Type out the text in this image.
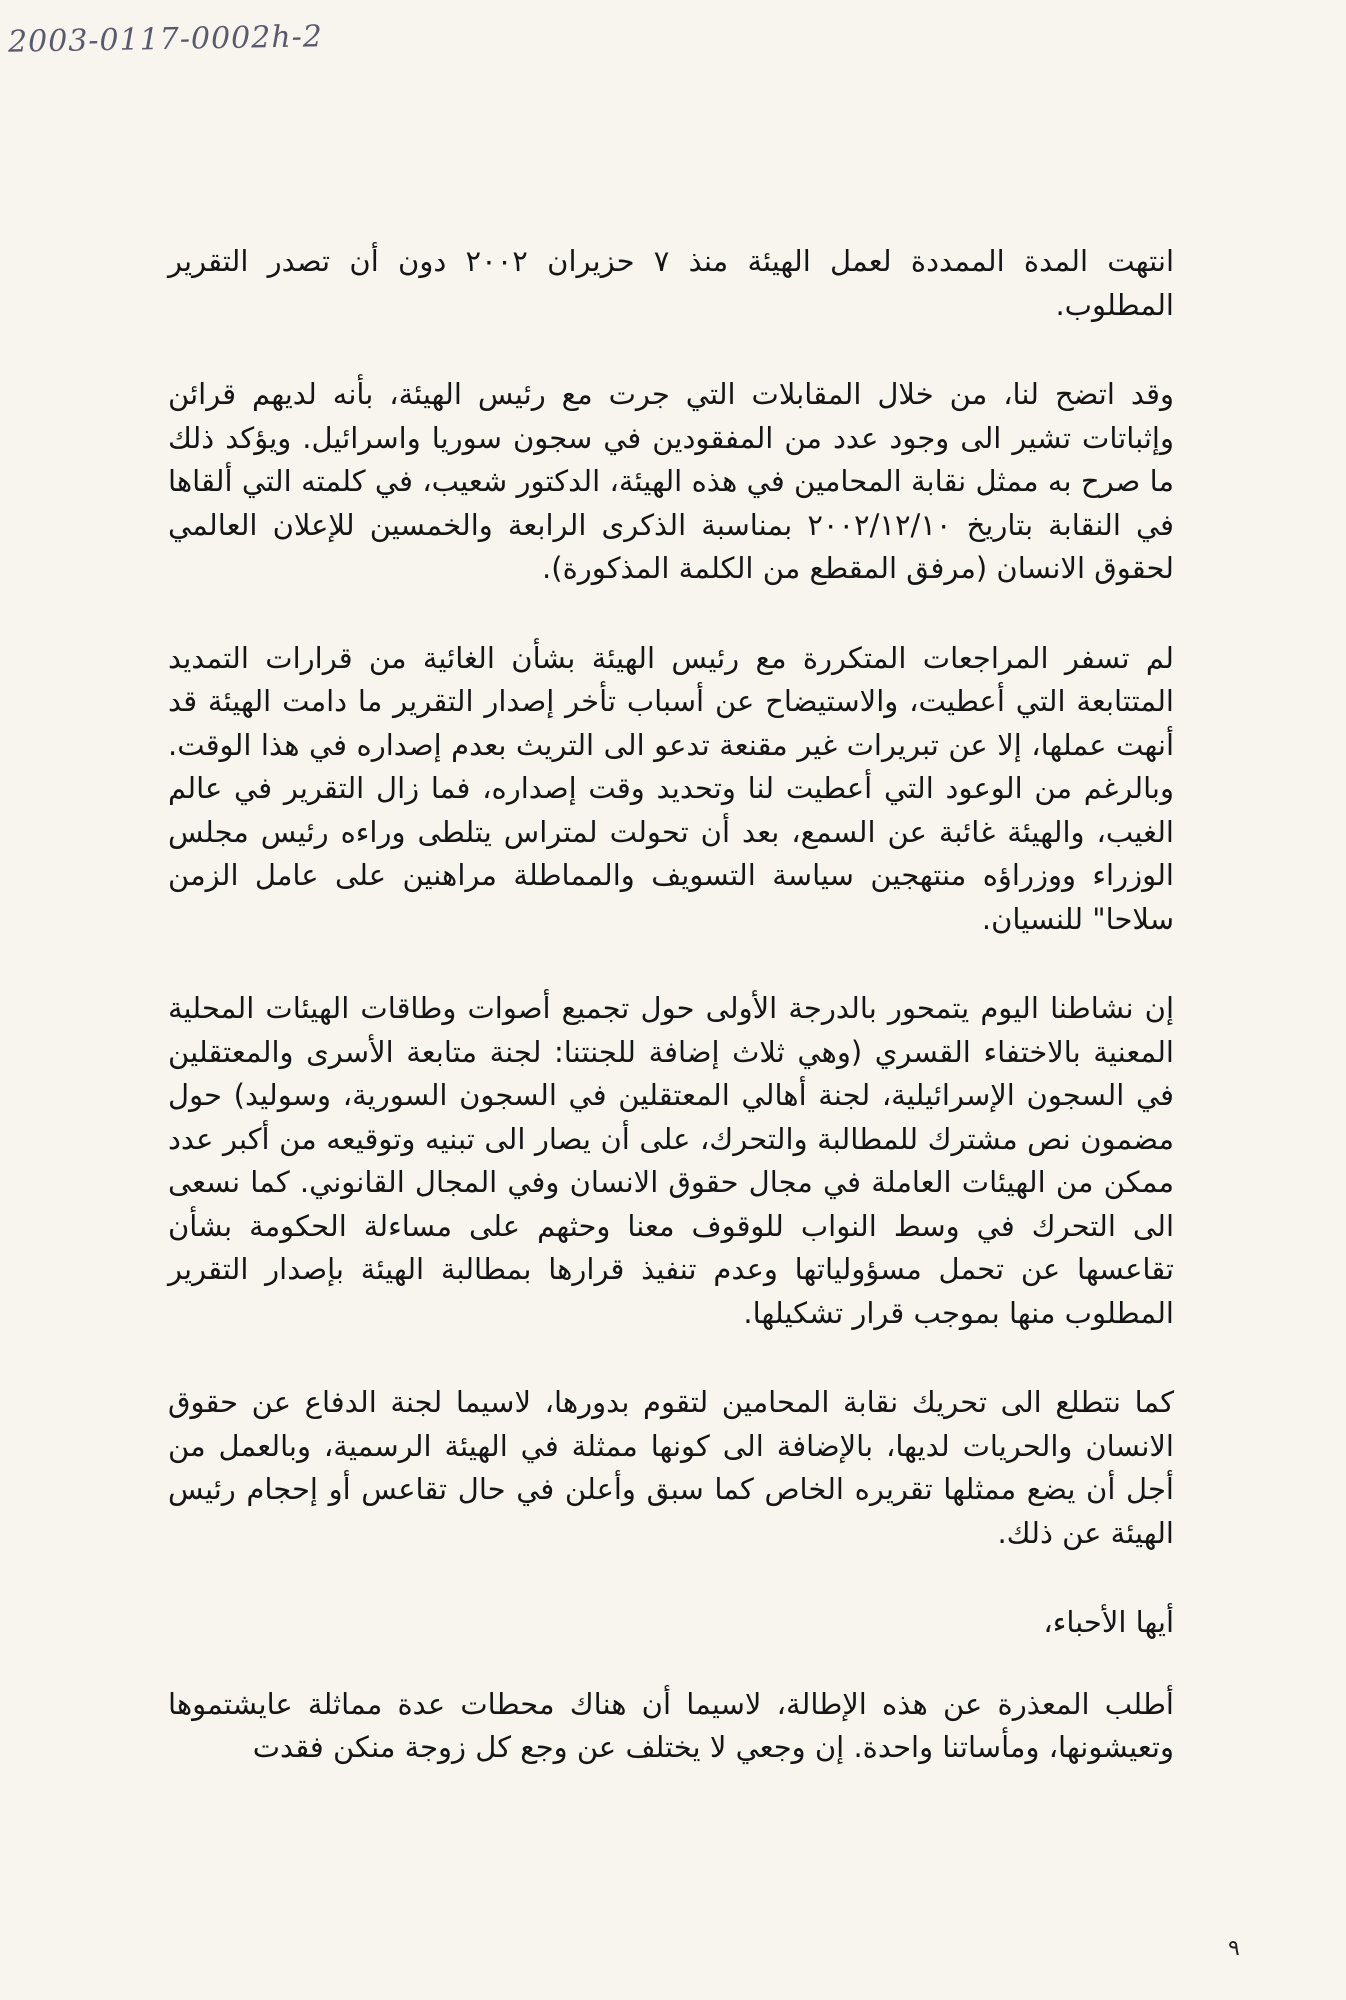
2003-0117-0002h-2

انتهت المدة الممددة لعمل الهيئة منذ ٧ حزيران ٢٠٠٢ دون أن تصدر التقرير المطلوب.

وقد اتضح لنا، من خلال المقابلات التي جرت مع رئيس الهيئة، بأنه لديهم قرائن وإثباتات تشير الى وجود عدد من المفقودين في سجون سوريا واسرائيل. ويؤكد ذلك ما صرح به ممثل نقابة المحامين في هذه الهيئة، الدكتور شعيب، في كلمته التي ألقاها في النقابة بتاريخ ٢٠٠٢/١٢/١٠ بمناسبة الذكرى الرابعة والخمسين للإعلان العالمي لحقوق الانسان (مرفق المقطع من الكلمة المذكورة).

لم تسفر المراجعات المتكررة مع رئيس الهيئة بشأن الغائية من قرارات التمديد المتتابعة التي أعطيت، والاستيضاح عن أسباب تأخر إصدار التقرير ما دامت الهيئة قد أنهت عملها، إلا عن تبريرات غير مقنعة تدعو الى التريث بعدم إصداره في هذا الوقت. وبالرغم من الوعود التي أعطيت لنا وتحديد وقت إصداره، فما زال التقرير في عالم الغيب، والهيئة غائبة عن السمع، بعد أن تحولت لمتراس يتلطى وراءه رئيس مجلس الوزراء ووزراؤه منتهجين سياسة التسويف والمماطلة مراهنين على عامل الزمن سلاحا" للنسيان.

إن نشاطنا اليوم يتمحور بالدرجة الأولى حول تجميع أصوات وطاقات الهيئات المحلية المعنية بالاختفاء القسري (وهي ثلاث إضافة للجنتنا: لجنة متابعة الأسرى والمعتقلين في السجون الإسرائيلية، لجنة أهالي المعتقلين في السجون السورية، وسوليد) حول مضمون نص مشترك للمطالبة والتحرك، على أن يصار الى تبنيه وتوقيعه من أكبر عدد ممكن من الهيئات العاملة في مجال حقوق الانسان وفي المجال القانوني. كما نسعى الى التحرك في وسط النواب للوقوف معنا وحثهم على مساءلة الحكومة بشأن تقاعسها عن تحمل مسؤولياتها وعدم تنفيذ قرارها بمطالبة الهيئة بإصدار التقرير المطلوب منها بموجب قرار تشكيلها.

كما نتطلع الى تحريك نقابة المحامين لتقوم بدورها، لاسيما لجنة الدفاع عن حقوق الانسان والحريات لديها، بالإضافة الى كونها ممثلة في الهيئة الرسمية، وبالعمل من أجل أن يضع ممثلها تقريره الخاص كما سبق وأعلن في حال تقاعس أو إحجام رئيس الهيئة عن ذلك.

أيها الأحباء،

أطلب المعذرة عن هذه الإطالة، لاسيما أن هناك محطات عدة مماثلة عايشتموها وتعيشونها، ومأساتنا واحدة. إن وجعي لا يختلف عن وجع كل زوجة منكن فقدت

٩
